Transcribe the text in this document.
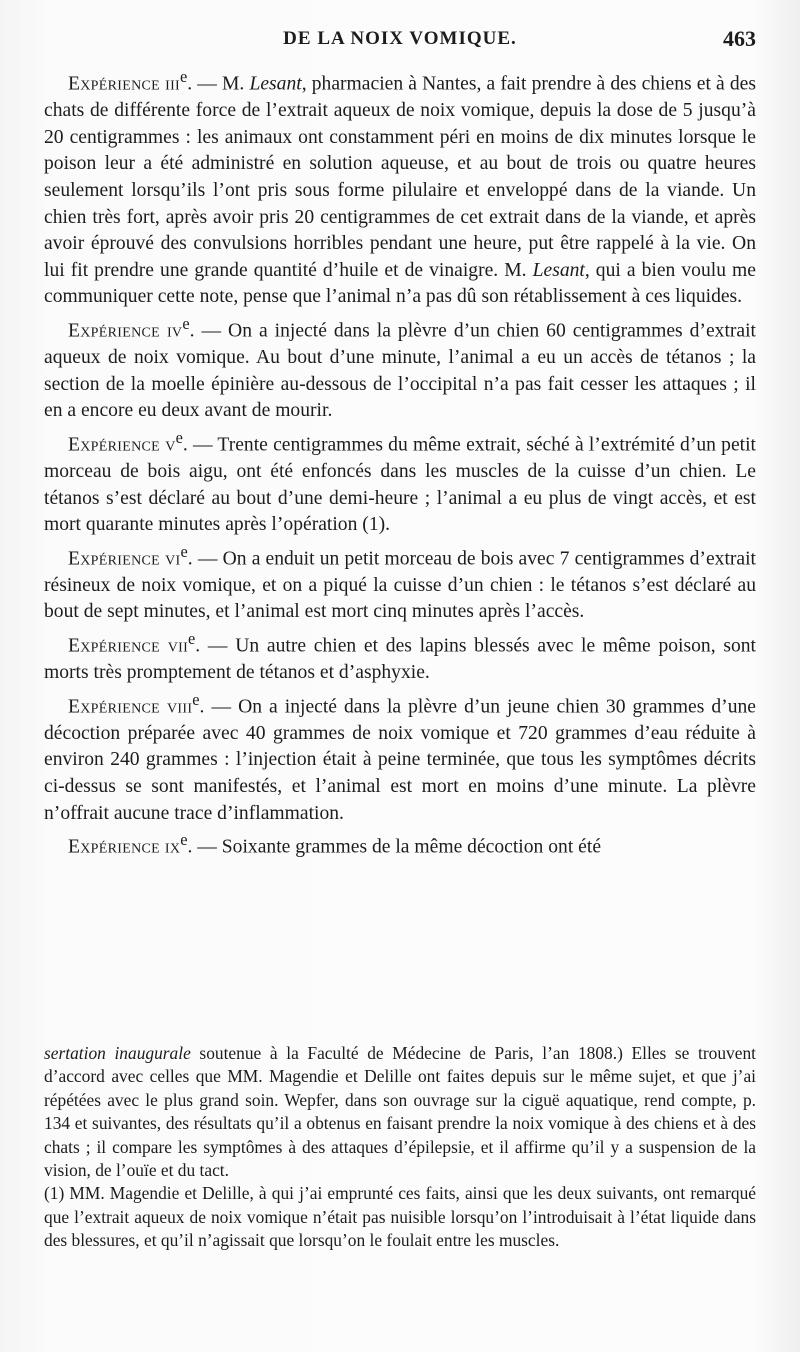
DE LA NOIX VOMIQUE.	463

Expérience iii$^e$. — M. Lesant, pharmacien à Nantes, a fait prendre à des chiens et à des chats de différente force de l’extrait aqueux de noix vomique, depuis la dose de 5 jusqu’à 20 centigrammes : les animaux ont constamment péri en moins de dix minutes lorsque le poison leur a été administré en solution aqueuse, et au bout de trois ou quatre heures seulement lorsqu’ils l’ont pris sous forme pilulaire et enveloppé dans de la viande. Un chien très fort, après avoir pris 20 centigrammes de cet extrait dans de la viande, et après avoir éprouvé des convulsions horribles pendant une heure, put être rappelé à la vie. On lui fit prendre une grande quantité d’huile et de vinaigre. M. Lesant, qui a bien voulu me communiquer cette note, pense que l’animal n’a pas dû son rétablissement à ces liquides.

Expérience $iv^e$. — On a injecté dans la plèvre d’un chien 60 centigrammes d’extrait aqueux de noix vomique. Au bout d’une minute, l’animal a eu un accès de tétanos ; la section de la moelle épinière au-dessous de l’occipital n’a pas fait cesser les attaques ; il en a encore eu deux avant de mourir.

Expérience $v^e$. — Trente centigrammes du même extrait, séché à l’extrémité d’un petit morceau de bois aigu, ont été enfoncés dans les muscles de la cuisse d’un chien. Le tétanos s’est déclaré au bout d’une demi-heure ; l’animal a eu plus de vingt accès, et est mort quarante minutes après l’opération (1).

Expérience $vi^e$. — On a enduit un petit morceau de bois avec 7 centigrammes d’extrait résineux de noix vomique, et on a piqué la cuisse d’un chien : le tétanos s’est déclaré au bout de sept minutes, et l’animal est mort cinq minutes après l’accès.

Expérience vii$^e$. — Un autre chien et des lapins blessés avec le même poison, sont morts très promptement de tétanos et d’asphyxie.

Expérience viii$^e$. — On a injecté dans la plèvre d’un jeune chien 30 grammes d’une décoction préparée avec 40 grammes de noix vomique et 720 grammes d’eau réduite à environ 240 grammes : l’injection était à peine terminée, que tous les symptômes décrits ci-dessus se sont manifestés, et l’animal est mort en moins d’une minute. La plèvre n’offrait aucune trace d’inflammation.

Expérience $ix^e$. — Soixante grammes de la même décoction ont été

sertation inaugurale soutenue à la Faculté de Médecine de Paris, l’an 1808.) Elles se trouvent d’accord avec celles que MM. Magendie et Delille ont faites depuis sur le même sujet, et que j’ai répétées avec le plus grand soin. Wepfer, dans son ouvrage sur la ciguë aquatique, rend compte, p. 134 et suivantes, des résultats qu’il a obtenus en faisant prendre la noix vomique à des chiens et à des chats ; il compare les symptômes à des attaques d’épilepsie, et il affirme qu’il y a suspension de la vision, de l’ouïe et du tact.

(1) MM. Magendie et Delille, à qui j’ai emprunté ces faits, ainsi que les deux suivants, ont remarqué que l’extrait aqueux de noix vomique n’était pas nuisible lorsqu’on l’introduisait à l’état liquide dans des blessures, et qu’il n’agissait que lorsqu’on le foulait entre les muscles.
